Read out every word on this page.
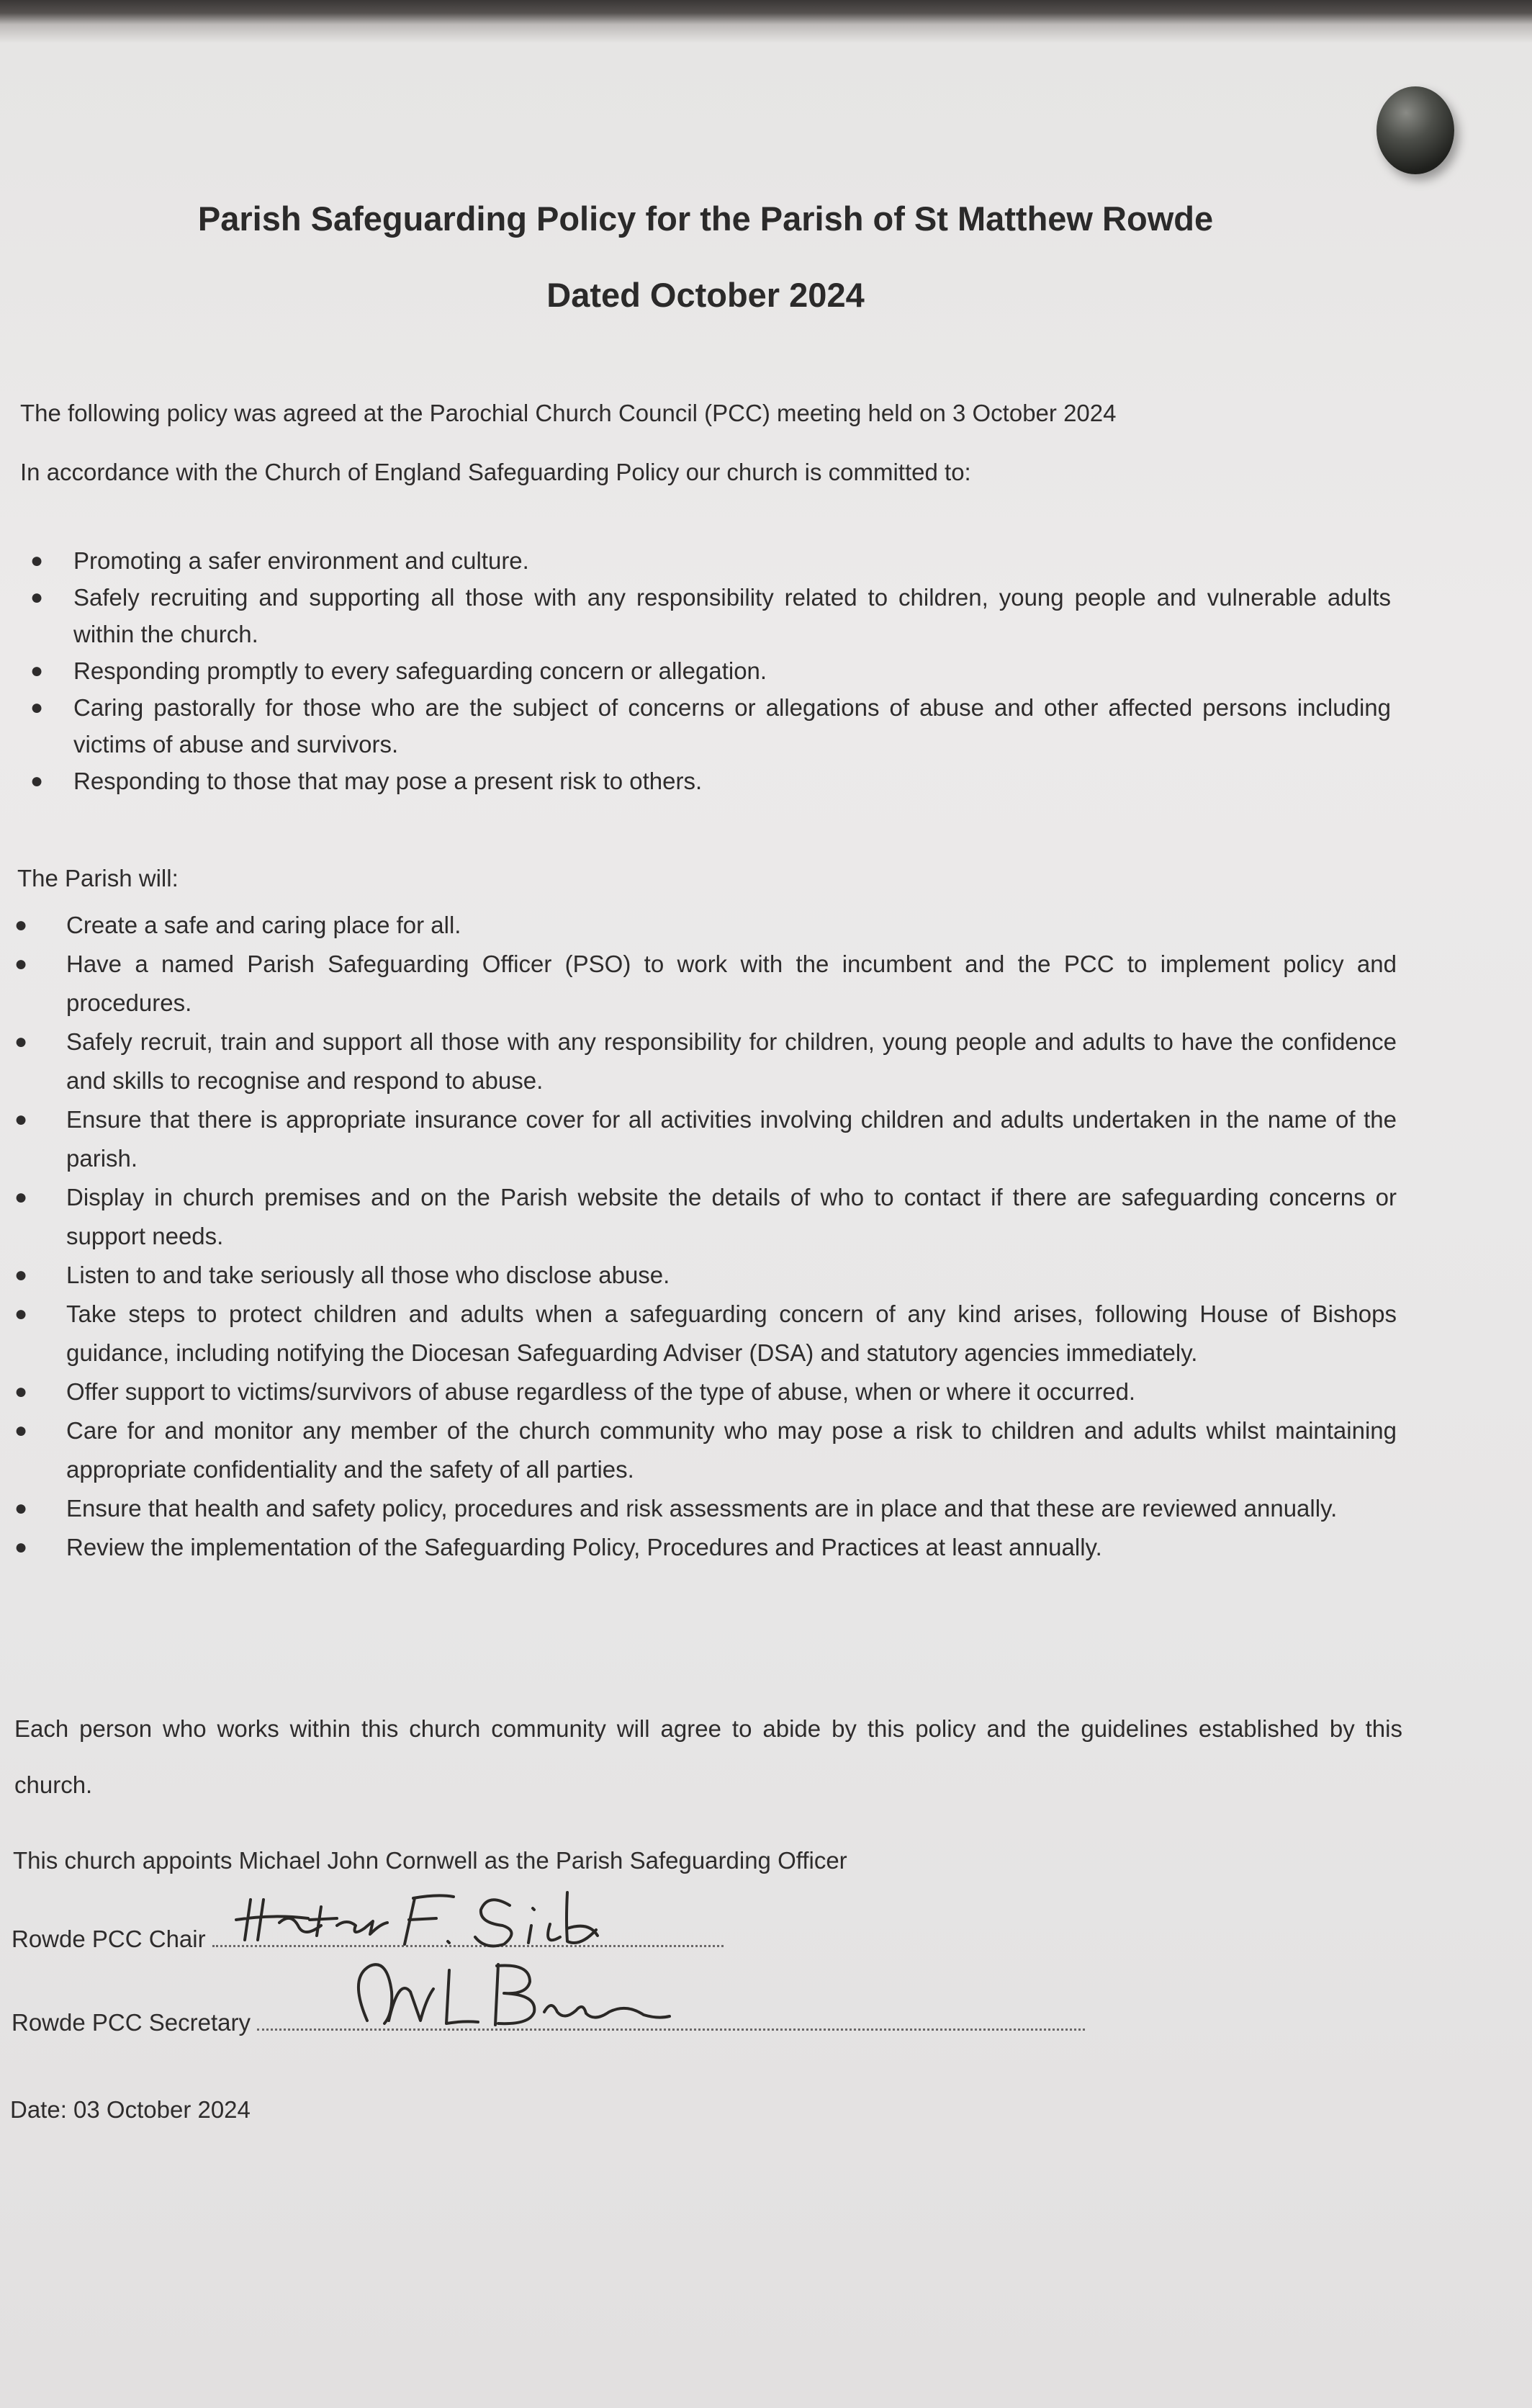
Parish Safeguarding Policy for the Parish of St Matthew Rowde
Dated October 2024

The following policy was agreed at the Parochial Church Council (PCC) meeting held on 3 October 2024

In accordance with the Church of England Safeguarding Policy our church is committed to:

● Promoting a safer environment and culture.
● Safely recruiting and supporting all those with any responsibility related to children, young people and vulnerable adults within the church.
● Responding promptly to every safeguarding concern or allegation.
● Caring pastorally for those who are the subject of concerns or allegations of abuse and other affected persons including victims of abuse and survivors.
● Responding to those that may pose a present risk to others.

The Parish will:

● Create a safe and caring place for all.
● Have a named Parish Safeguarding Officer (PSO) to work with the incumbent and the PCC to implement policy and procedures.
● Safely recruit, train and support all those with any responsibility for children, young people and adults to have the confidence and skills to recognise and respond to abuse.
● Ensure that there is appropriate insurance cover for all activities involving children and adults undertaken in the name of the parish.
● Display in church premises and on the Parish website the details of who to contact if there are safeguarding concerns or support needs.
● Listen to and take seriously all those who disclose abuse.
● Take steps to protect children and adults when a safeguarding concern of any kind arises, following House of Bishops guidance, including notifying the Diocesan Safeguarding Adviser (DSA) and statutory agencies immediately.
● Offer support to victims/survivors of abuse regardless of the type of abuse, when or where it occurred.
● Care for and monitor any member of the church community who may pose a risk to children and adults whilst maintaining appropriate confidentiality and the safety of all parties.
● Ensure that health and safety policy, procedures and risk assessments are in place and that these are reviewed annually.
● Review the implementation of the Safeguarding Policy, Procedures and Practices at least annually.

Each person who works within this church community will agree to abide by this policy and the guidelines established by this church.

This church appoints Michael John Cornwell as the Parish Safeguarding Officer

Rowde PCC Chair
Rowde PCC Secretary

Date: 03 October 2024
